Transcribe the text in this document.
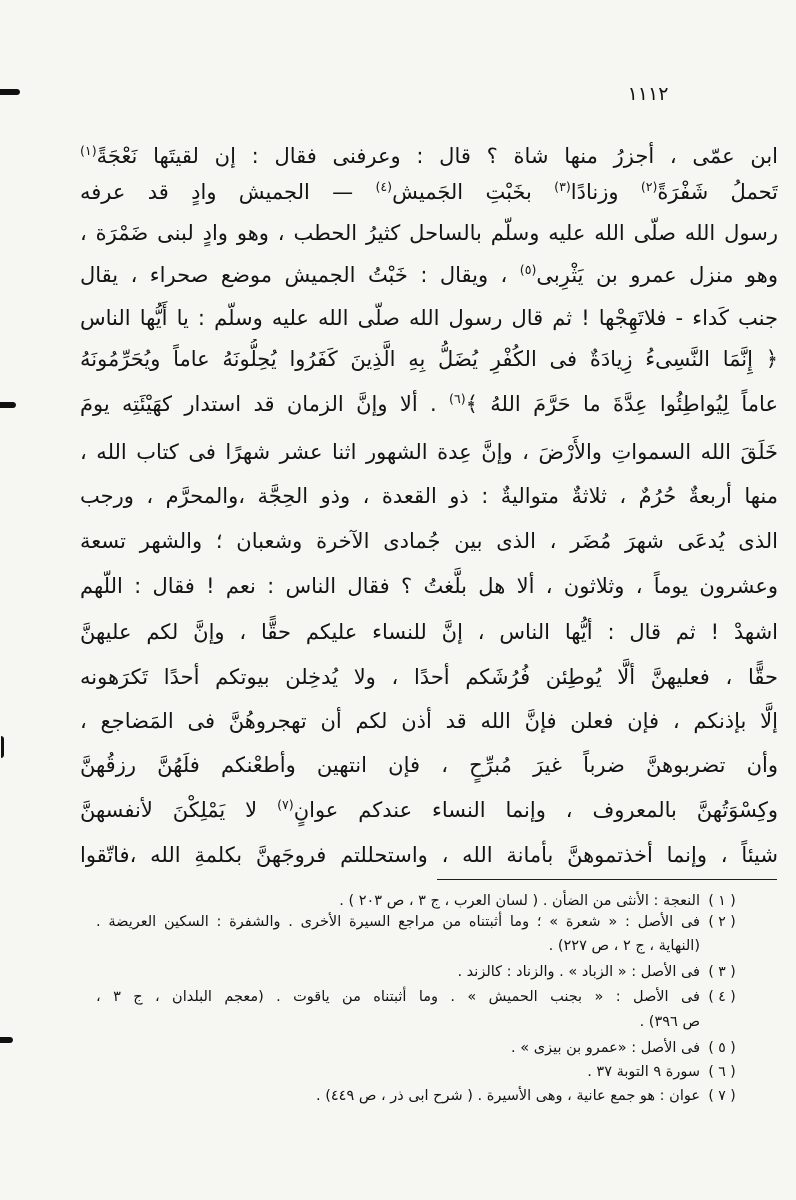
١١١٢
ابن عمّى ، أجزرُ منها شاة ؟ قال : وعرفنى فقال : إن لقيتَها نَعْجَةً$^{(١)}$
تَحملُ شَفْرَةً$^{(٢)}$ وزنادًا$^{(٣)}$ بخَبْتِ الجَميش$^{(٤)}$ — الجميش وادٍ قد عرفه
رسول الله صلّى الله عليه وسلّم بالساحل كثيرُ الحطب ، وهو وادٍ لبنى ضَمْرَة ،
وهو منزل عمرو بن يَثْرِبى$^{(٥)}$ ، ويقال : خَبْتُ الجميش موضع صحراء ، يقال
جنب كَداء - فلاتَهِجْها ! ثم قال رسول الله صلّى الله عليه وسلّم : يا أَيُّها الناس
﴿ إِنَّمَا النَّسِىءُ زِيادَةٌ فى الكُفْرِ يُضَلُّ بِهِ الَّذِينَ كَفَرُوا يُحِلُّونَهُ عاماً ويُحَرِّمُونَهُ
عاماً لِيُواطِئُوا عِدَّةَ ما حَرَّمَ اللهُ ﴾$^{(٦)}$ . ألا وإنَّ الزمان قد استدار كهَيْئَتِه يومَ
خَلَقَ الله السمواتِ والأَرْضَ ، وإنَّ عِدة الشهور اثنا عشر شهرًا فى كتاب الله ،
منها أربعةٌ حُرُمٌ ، ثلاثةٌ متواليةٌ : ذو القعدة ، وذو الحِجَّة ،والمحرَّم ، ورجب
الذى يُدعَى شهرَ مُضَر ، الذى بين جُمادى الآخرة وشعبان ؛ والشهر تسعة
وعشرون يوماً ، وثلاثون ، ألا هل بلَّغتُ ؟ فقال الناس : نعم ! فقال : اللّهم
اشهدْ ! ثم قال : أيُّها الناس ، إنَّ للنساء عليكم حقًّا ، وإنَّ لكم عليهنَّ
حقًّا ، فعليهنَّ ألَّا يُوطِئن فُرُشَكم أحدًا ، ولا يُدخِلن بيوتكم أحدًا تَكرَهونه
إلَّا بإذنكم ، فإن فعلن فإنَّ الله قد أذن لكم أن تهجروهُنَّ فى المَضاجع ،
وأن تضربوهنَّ ضرباً غيرَ مُبرِّحٍ ، فإن انتهين وأطعْنكم فلَهُنَّ رزقُهنَّ
وكِسْوَتُهنَّ بالمعروف ، وإنما النساء عندكم عوانٍ$^{(٧)}$ لا يَمْلِكْنَ لأنفسهنَّ
شيئاً ، وإنما أخذتموهنَّ بأمانة الله ، واستحللتم فروجَهنَّ بكلمةِ الله ،فاتّقوا
( ١ )
النعجة : الأنثى من الضأن . ( لسان العرب ، ج ٣ ، ص ٢٠٣ ) .
( ٢ )
فى الأصل : « شعرة » ؛ وما أثبتناه من مراجع السيرة الأخرى . والشفرة : السكين العريضة .
(النهاية ، ج ٢ ، ص ٢٢٧) .
( ٣ )
فى الأصل : « الزباد » . والزناد : كالزند .
( ٤ )
فى الأصل : « بجنب الحميش » . وما أثبتناه من ياقوت . (معجم البلدان ، ج ٣ ،
ص ٣٩٦) .
( ٥ )
فى الأصل : «عمرو بن بيزى » .
( ٦ )
سورة ٩ التوبة ٣٧ .
( ٧ )
عوان : هو جمع عانية ، وهى الأسيرة . ( شرح ابى ذر ، ص ٤٤٩) .
